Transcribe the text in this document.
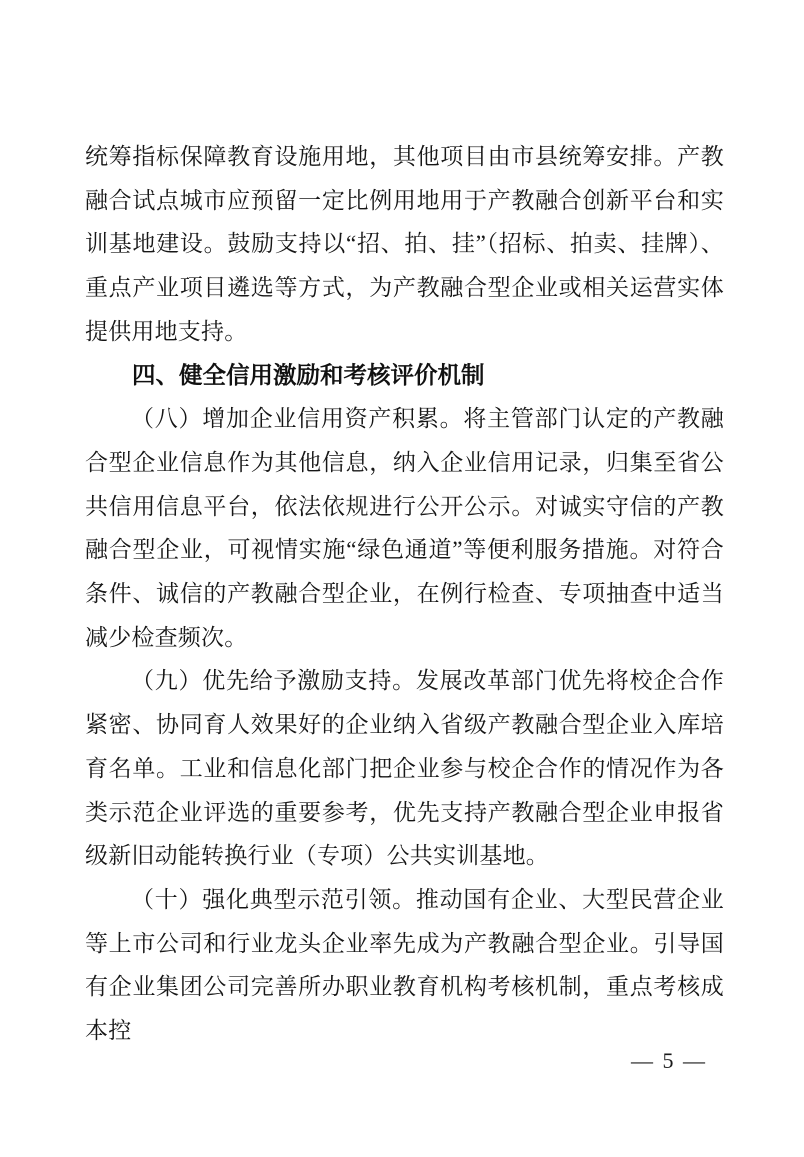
统筹指标保障教育设施用地，其他项目由市县统筹安排。产教融合试点城市应预留一定比例用地用于产教融合创新平台和实训基地建设。鼓励支持以“招、拍、挂”（招标、拍卖、挂牌）、重点产业项目遴选等方式，为产教融合型企业或相关运营实体提供用地支持。

四、健全信用激励和考核评价机制

（八）增加企业信用资产积累。将主管部门认定的产教融合型企业信息作为其他信息，纳入企业信用记录，归集至省公共信用信息平台，依法依规进行公开公示。对诚实守信的产教融合型企业，可视情实施“绿色通道”等便利服务措施。对符合条件、诚信的产教融合型企业，在例行检查、专项抽查中适当减少检查频次。

（九）优先给予激励支持。发展改革部门优先将校企合作紧密、协同育人效果好的企业纳入省级产教融合型企业入库培育名单。工业和信息化部门把企业参与校企合作的情况作为各类示范企业评选的重要参考，优先支持产教融合型企业申报省级新旧动能转换行业（专项）公共实训基地。

（十）强化典型示范引领。推动国有企业、大型民营企业等上市公司和行业龙头企业率先成为产教融合型企业。引导国有企业集团公司完善所办职业教育机构考核机制，重点考核成本控

— 5 —
